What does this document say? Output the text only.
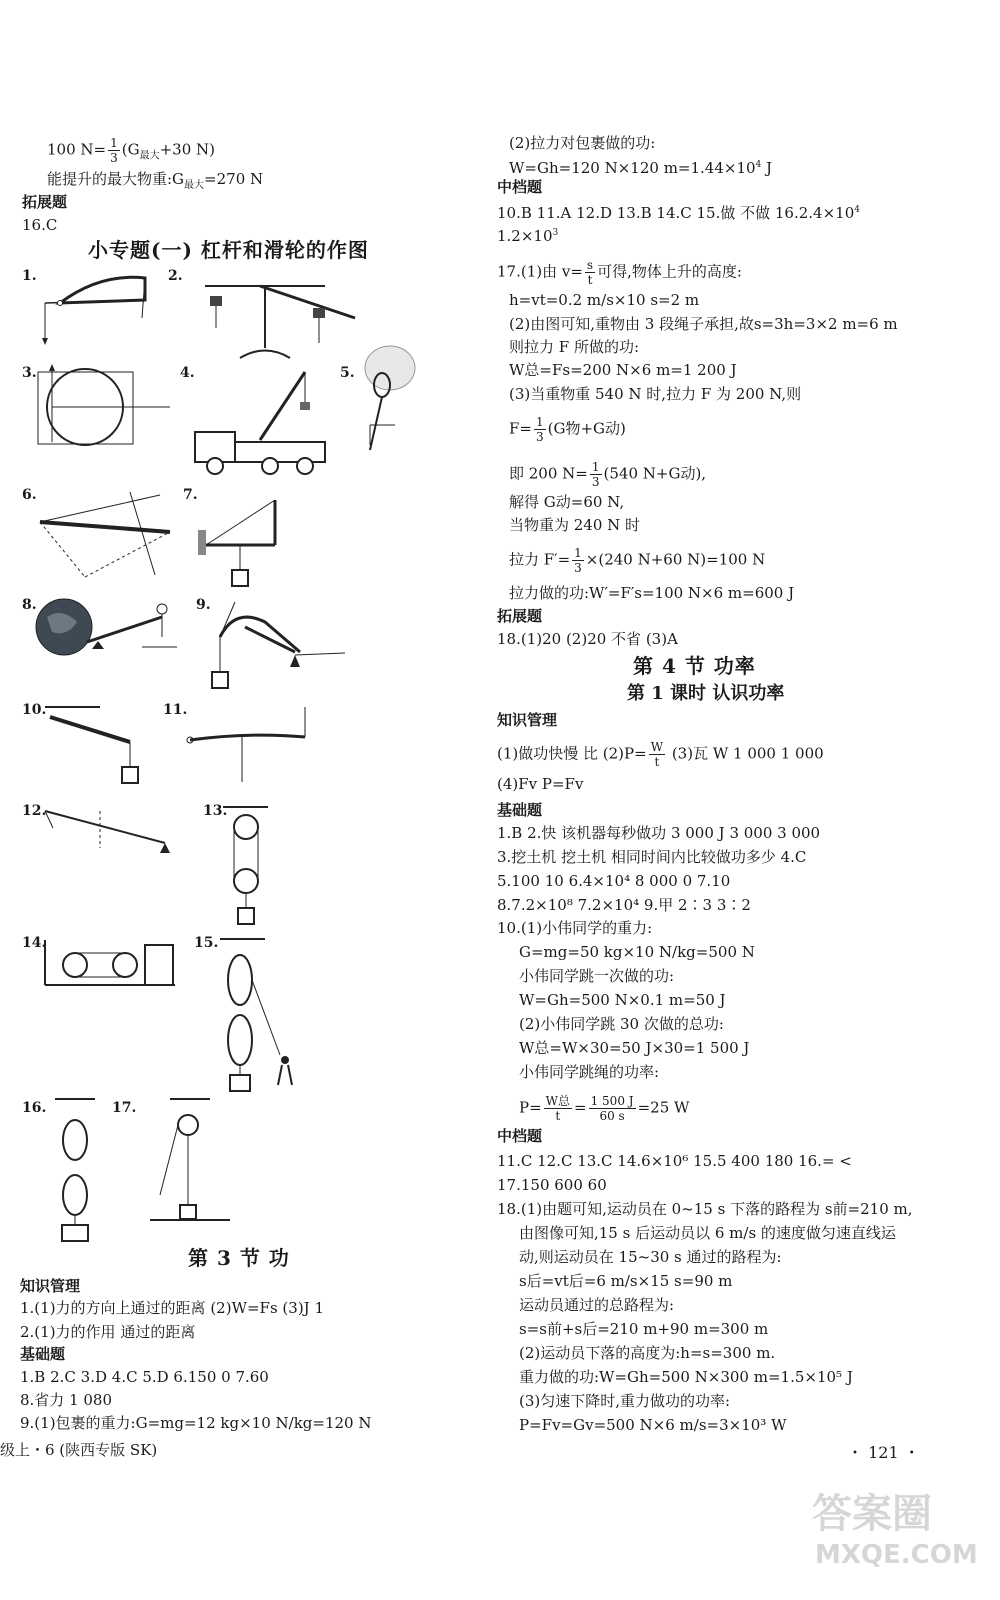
100 $N= \frac{1}{3} (G_{最大}+30$ N)
能提升的最大物重$:G_{最大}=270$ N
拓展题
16.C
小专题(一) 杠杆和滑轮的作图
1.	2.
3.	4.	5.
6.	7.
8.	9.
10.	11.
12.	13.
14.	15.
16.	17.
第 3 节 功
知识管理
1.(1)力的方向上通过的距离 (2)W=Fs (3)J 1
2.(1)力的作用 通过的距离
基础题
1.B 2.C 3.D 4.C 5.D 6.150 0 7.60
8.省力 1 080
9.(1)包裹的重力:G=mg=12 kg×10 N/kg=120 N
级上・6 (陕西专版 SK)
(2)拉力对包裹做的功:
W=Gh=120 N×120 $m=1.44\times 10^4$ J
中档题
10.B 11.A 12.D 13.B 14.C 15.做 不做 $16.2.4\times 10^4$
$1.2\times 10^3$
17.(1)由 $v= \frac{s}{t}$ 可得,物体上升的高度:
h=vt=0.2 m/s×10 s=2 m
(2)由图可知,重物由 3 段绳子承担,故s=3h=3×2 m=6 m
则拉力 F 所做的功:
W总=Fs=200 N×6 m=1 200 J
(3)当重物重 540 N 时,拉力 F 为 200 N,则
$F= \frac{1}{3} (G$物+G动)
即 200 $N= \frac{1}{3} (540$ N+G动),
解得 G动=60 N,
当物重为 240 N 时
拉力 $F'= \frac{1}{3} \times(240$ N+60 N)=100 N
拉力做的功:W′=F′s=100 N×6 m=600 J
拓展题
18.(1)20 (2)20 不省 (3)A
第 4 节 功率
第 1 课时 认识功率
知识管理
(1)做功快慢 比 $(2)P= \frac{W}{t} (3)$瓦 W 1 000 1 000
(4)Fv P=Fv
基础题
1.B 2.快 该机器每秒做功 3 000 J 3 000 3 000
3.挖土机 挖土机 相同时间内比较做功多少 4.C
5.100 10 6.4×10⁴ 8 000 0 7.10
8.7.2×10⁸ 7.2×10⁴ 9.甲 2∶3 3∶2
10.(1)小伟同学的重力:
G=mg=50 kg×10 N/kg=500 N
小伟同学跳一次做的功:
W=Gh=500 N×0.1 m=50 J
(2)小伟同学跳 30 次做的总功:
W总=W×30=50 J×30=1 500 J
小伟同学跳绳的功率:
$P= \frac{\text{W总}}{t} = \frac{1 500 J}{60 s} =25$ W
中档题
11.C 12.C 13.C 14.6×10⁶ 15.5 400 180 16.= <
17.150 600 60
18.(1)由题可知,运动员在 0~15 s 下落的路程为 s前=210 m,
由图像可知,15 s 后运动员以 6 m/s 的速度做匀速直线运
动,则运动员在 15~30 s 通过的路程为:
s后=vt后=6 m/s×15 s=90 m
运动员通过的总路程为:
s=s前+s后=210 m+90 m=300 m
(2)运动员下落的高度为:h=s=300 m.
重力做的功:W=Gh=500 N×300 m=1.5×10⁵ J
(3)匀速下降时,重力做功的功率:
P=Fv=Gv=500 N×6 m/s=3×10³ W
・ 121 ・
答案圈
MXQE.COM
